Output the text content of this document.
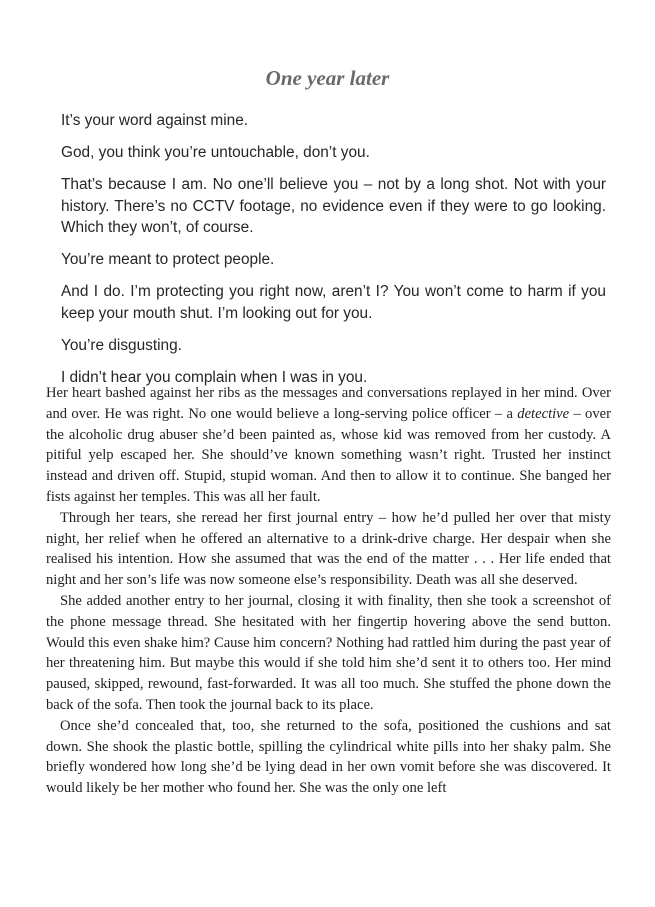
One year later

It’s your word against mine.

God, you think you’re untouchable, don’t you.

That’s because I am. No one’ll believe you – not by a long shot. Not with your history. There’s no CCTV footage, no evidence even if they were to go looking. Which they won’t, of course.

You’re meant to protect people.

And I do. I’m protecting you right now, aren’t I? You won’t come to harm if you keep your mouth shut. I’m looking out for you.

You’re disgusting.

I didn’t hear you complain when I was in you.

Her heart bashed against her ribs as the messages and conversations replayed in her mind. Over and over. He was right. No one would believe a long-serving police officer – a detective – over the alcoholic drug abuser she’d been painted as, whose kid was removed from her custody. A pitiful yelp escaped her. She should’ve known something wasn’t right. Trusted her instinct instead and driven off. Stupid, stupid woman. And then to allow it to continue. She banged her fists against her temples. This was all her fault.

Through her tears, she reread her first journal entry – how he’d pulled her over that misty night, her relief when he offered an alternative to a drink-drive charge. Her despair when she realised his intention. How she assumed that was the end of the matter . . . Her life ended that night and her son’s life was now someone else’s responsibility. Death was all she deserved.

She added another entry to her journal, closing it with finality, then she took a screenshot of the phone message thread. She hesitated with her fingertip hovering above the send button. Would this even shake him? Cause him concern? Nothing had rattled him during the past year of her threatening him. But maybe this would if she told him she’d sent it to others too. Her mind paused, skipped, rewound, fast-forwarded. It was all too much. She stuffed the phone down the back of the sofa. Then took the journal back to its place.

Once she’d concealed that, too, she returned to the sofa, positioned the cushions and sat down. She shook the plastic bottle, spilling the cylindrical white pills into her shaky palm. She briefly wondered how long she’d be lying dead in her own vomit before she was discovered. It would likely be her mother who found her. She was the only one left
